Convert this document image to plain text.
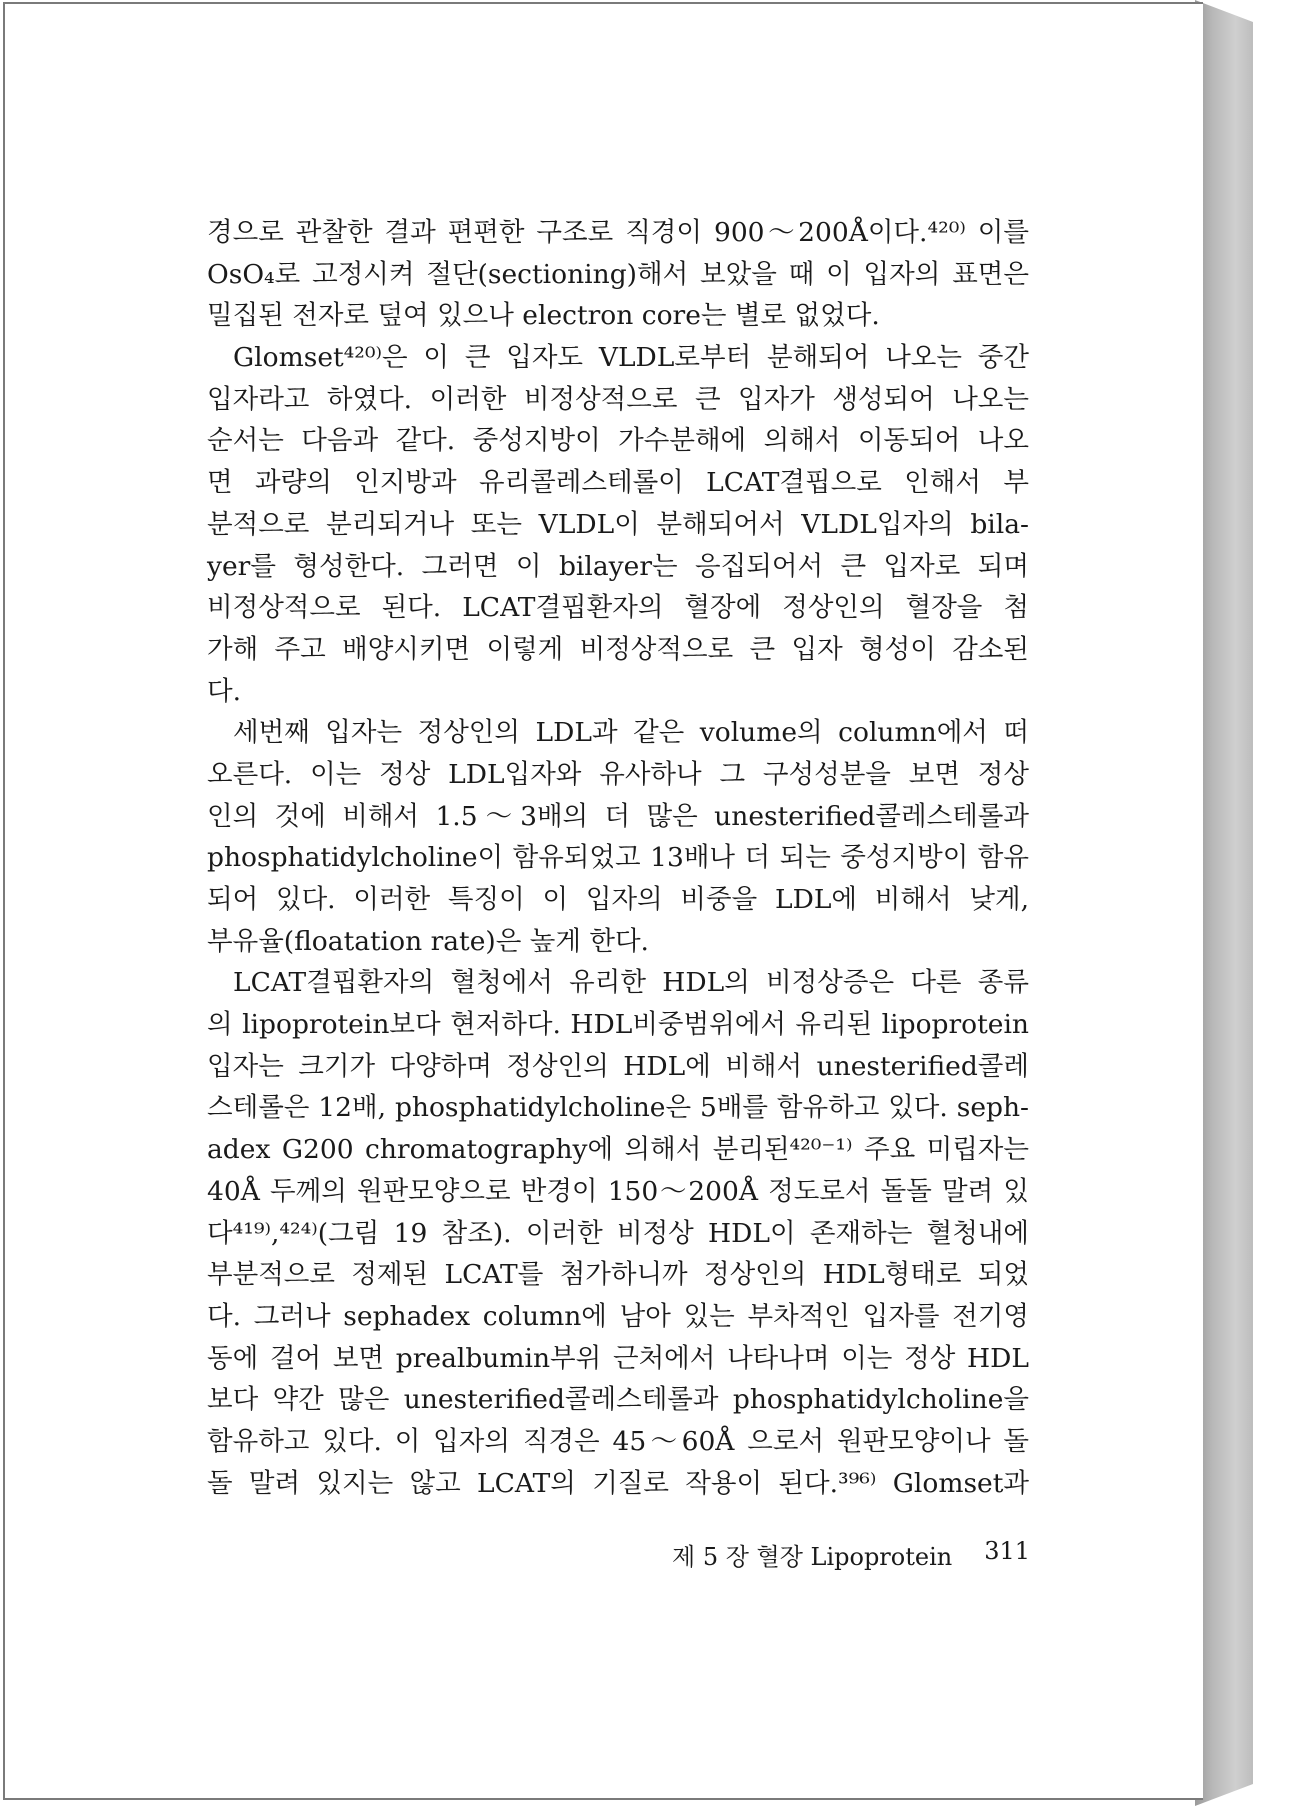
경으로 관찰한 결과 편편한 구조로 직경이 900～200Å이다.⁴²⁰⁾ 이를
OsO₄로 고정시켜 절단(sectioning)해서 보았을 때 이 입자의 표면은
밀집된 전자로 덮여 있으나 electron core는 별로 없었다.
Glomset⁴²⁰⁾은 이 큰 입자도 VLDL로부터 분해되어 나오는 중간
입자라고 하였다. 이러한 비정상적으로 큰 입자가 생성되어 나오는
순서는 다음과 같다. 중성지방이 가수분해에 의해서 이동되어 나오
면 과량의 인지방과 유리콜레스테롤이 LCAT결핍으로 인해서 부
분적으로 분리되거나 또는 VLDL이 분해되어서 VLDL입자의 bila-
yer를 형성한다. 그러면 이 bilayer는 응집되어서 큰 입자로 되며
비정상적으로 된다. LCAT결핍환자의 혈장에 정상인의 혈장을 첨
가해 주고 배양시키면 이렇게 비정상적으로 큰 입자 형성이 감소된
다.
세번째 입자는 정상인의 LDL과 같은 volume의 column에서 떠
오른다. 이는 정상 LDL입자와 유사하나 그 구성성분을 보면 정상
인의 것에 비해서 1.5～3배의 더 많은 unesterified콜레스테롤과
phosphatidylcholine이 함유되었고 13배나 더 되는 중성지방이 함유
되어 있다. 이러한 특징이 이 입자의 비중을 LDL에 비해서 낮게,
부유율(floatation rate)은 높게 한다.
LCAT결핍환자의 혈청에서 유리한 HDL의 비정상증은 다른 종류
의 lipoprotein보다 현저하다. HDL비중범위에서 유리된 lipoprotein
입자는 크기가 다양하며 정상인의 HDL에 비해서 unesterified콜레
스테롤은 12배, phosphatidylcholine은 5배를 함유하고 있다. seph-
adex G200 chromatography에 의해서 분리된⁴²⁰⁻¹⁾ 주요 미립자는
40Å 두께의 원판모양으로 반경이 150～200Å 정도로서 돌돌 말려 있
다⁴¹⁹⁾,⁴²⁴⁾(그림 19 참조). 이러한 비정상 HDL이 존재하는 혈청내에
부분적으로 정제된 LCAT를 첨가하니까 정상인의 HDL형태로 되었
다. 그러나 sephadex column에 남아 있는 부차적인 입자를 전기영
동에 걸어 보면 prealbumin부위 근처에서 나타나며 이는 정상 HDL
보다 약간 많은 unesterified콜레스테롤과 phosphatidylcholine을
함유하고 있다. 이 입자의 직경은 45～60Å 으로서 원판모양이나 돌
돌 말려 있지는 않고 LCAT의 기질로 작용이 된다.³⁹⁶⁾ Glomset과
제 5 장 혈장 Lipoprotein 311
